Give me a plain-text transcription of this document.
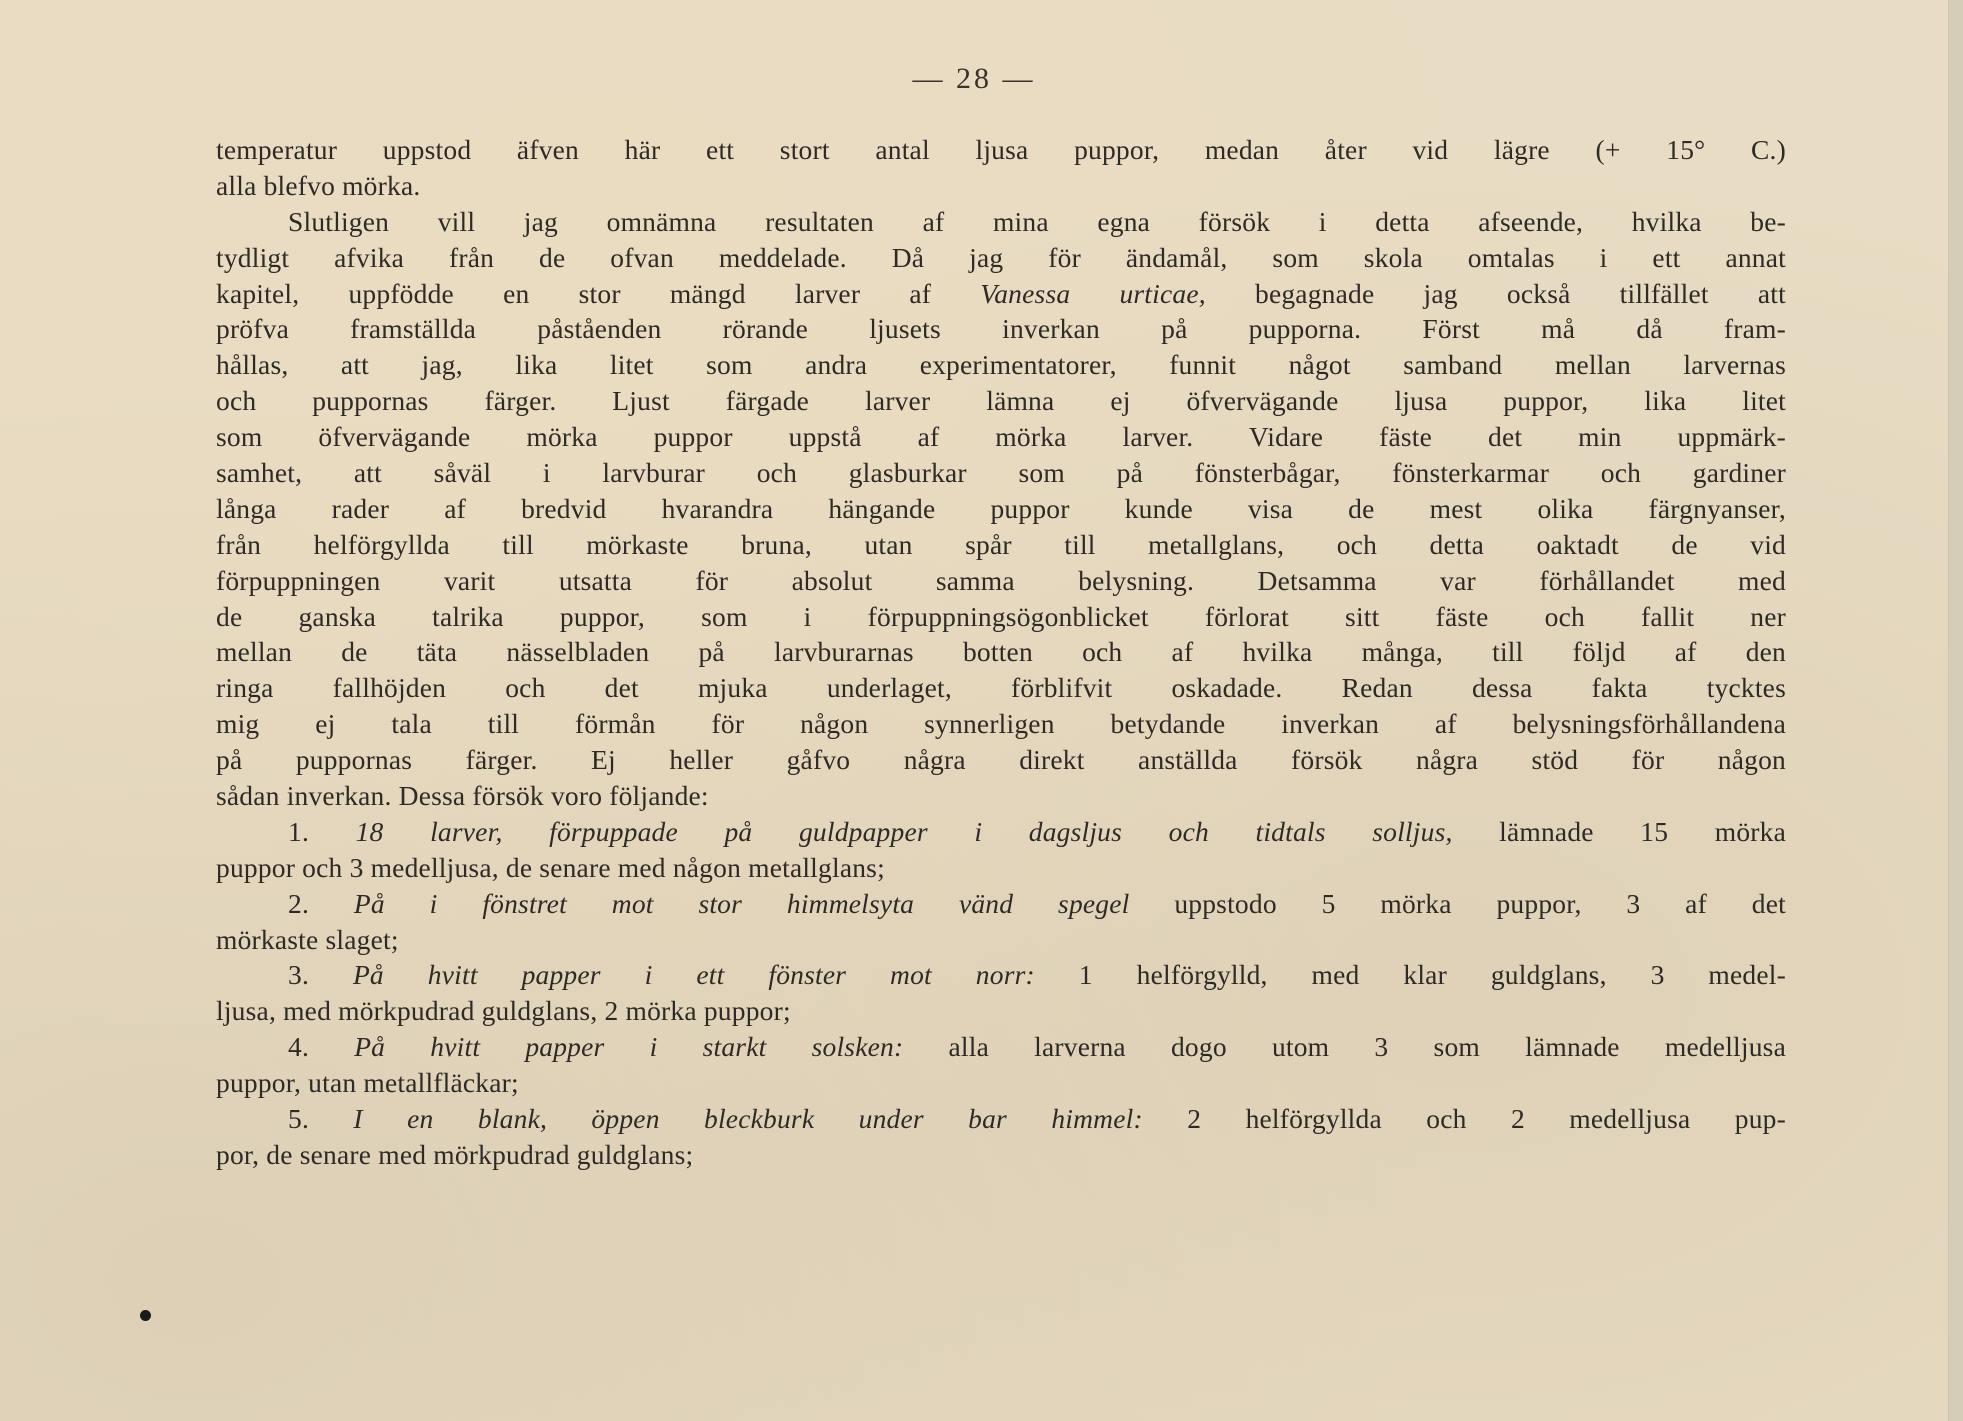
— 28 —
temperatur uppstod äfven här ett stort antal ljusa puppor, medan åter vid lägre (+ 15° C.)
alla blefvo mörka.
Slutligen vill jag omnämna resultaten af mina egna försök i detta afseende, hvilka be-
tydligt afvika från de ofvan meddelade. Då jag för ändamål, som skola omtalas i ett annat
kapitel, uppfödde en stor mängd larver af Vanessa urticae, begagnade jag också tillfället att
pröfva framställda påståenden rörande ljusets inverkan på pupporna. Först må då fram-
hållas, att jag, lika litet som andra experimentatorer, funnit något samband mellan larvernas
och puppornas färger. Ljust färgade larver lämna ej öfvervägande ljusa puppor, lika litet
som öfvervägande mörka puppor uppstå af mörka larver. Vidare fäste det min uppmärk-
samhet, att såväl i larvburar och glasburkar som på fönsterbågar, fönsterkarmar och gardiner
långa rader af bredvid hvarandra hängande puppor kunde visa de mest olika färgnyanser,
från helförgyllda till mörkaste bruna, utan spår till metallglans, och detta oaktadt de vid
förpuppningen varit utsatta för absolut samma belysning. Detsamma var förhållandet med
de ganska talrika puppor, som i förpuppningsögonblicket förlorat sitt fäste och fallit ner
mellan de täta nässelbladen på larvburarnas botten och af hvilka många, till följd af den
ringa fallhöjden och det mjuka underlaget, förblifvit oskadade. Redan dessa fakta tycktes
mig ej tala till förmån för någon synnerligen betydande inverkan af belysningsförhållandena
på puppornas färger. Ej heller gåfvo några direkt anställda försök några stöd för någon
sådan inverkan. Dessa försök voro följande:
1. 18 larver, förpuppade på guldpapper i dagsljus och tidtals solljus, lämnade 15 mörka
puppor och 3 medelljusa, de senare med någon metallglans;
2. På i fönstret mot stor himmelsyta vänd spegel uppstodo 5 mörka puppor, 3 af det
mörkaste slaget;
3. På hvitt papper i ett fönster mot norr: 1 helförgylld, med klar guldglans, 3 medel-
ljusa, med mörkpudrad guldglans, 2 mörka puppor;
4. På hvitt papper i starkt solsken: alla larverna dogo utom 3 som lämnade medelljusa
puppor, utan metallfläckar;
5. I en blank, öppen bleckburk under bar himmel: 2 helförgyllda och 2 medelljusa pup-
por, de senare med mörkpudrad guldglans;
